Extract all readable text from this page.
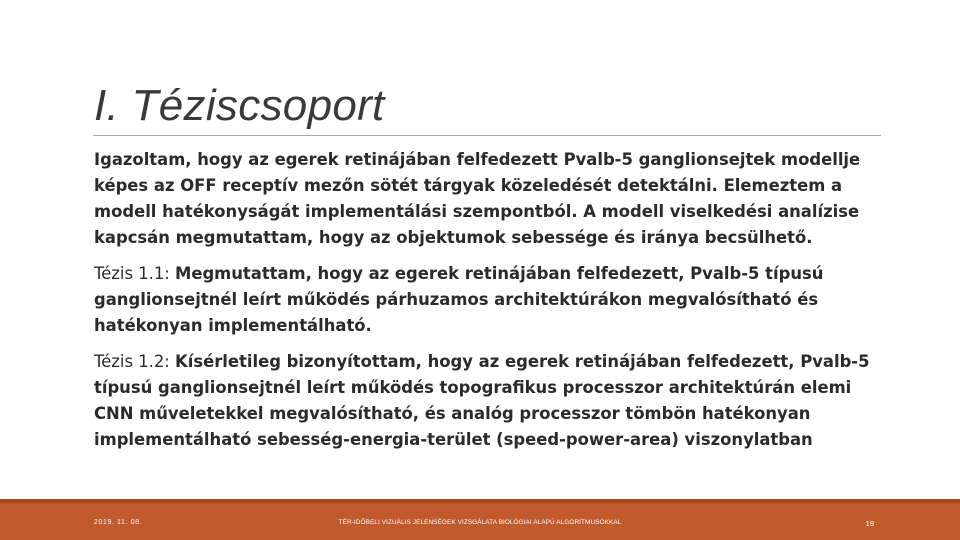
I. Téziscsoport

Igazoltam, hogy az egerek retinájában felfedezett Pvalb-5 ganglionsejtek modellje képes az OFF receptív mezőn sötét tárgyak közeledését detektálni. Elemeztem a modell hatékonyságát implementálási szempontból. A modell viselkedési analízise kapcsán megmutattam, hogy az objektumok sebessége és iránya becsülhető.

Tézis 1.1: Megmutattam, hogy az egerek retinájában felfedezett, Pvalb-5 típusú ganglionsejtnél leírt működés párhuzamos architektúrákon megvalósítható és hatékonyan implementálható.

Tézis 1.2: Kísérletileg bizonyítottam, hogy az egerek retinájában felfedezett, Pvalb-5 típusú ganglionsejtnél leírt működés topografikus processzor architektúrán elemi CNN műveletekkel megvalósítható, és analóg processzor tömbön hatékonyan implementálható sebesség-energia-terület (speed-power-area) viszonylatban

2019. 11. 08.	TÉR-IDŐBELI VIZUÁLIS JELENSÉGEK VIZSGÁLATA BIOLÓGIAI ALAPÚ ALGORITMUSOKKAL	19
